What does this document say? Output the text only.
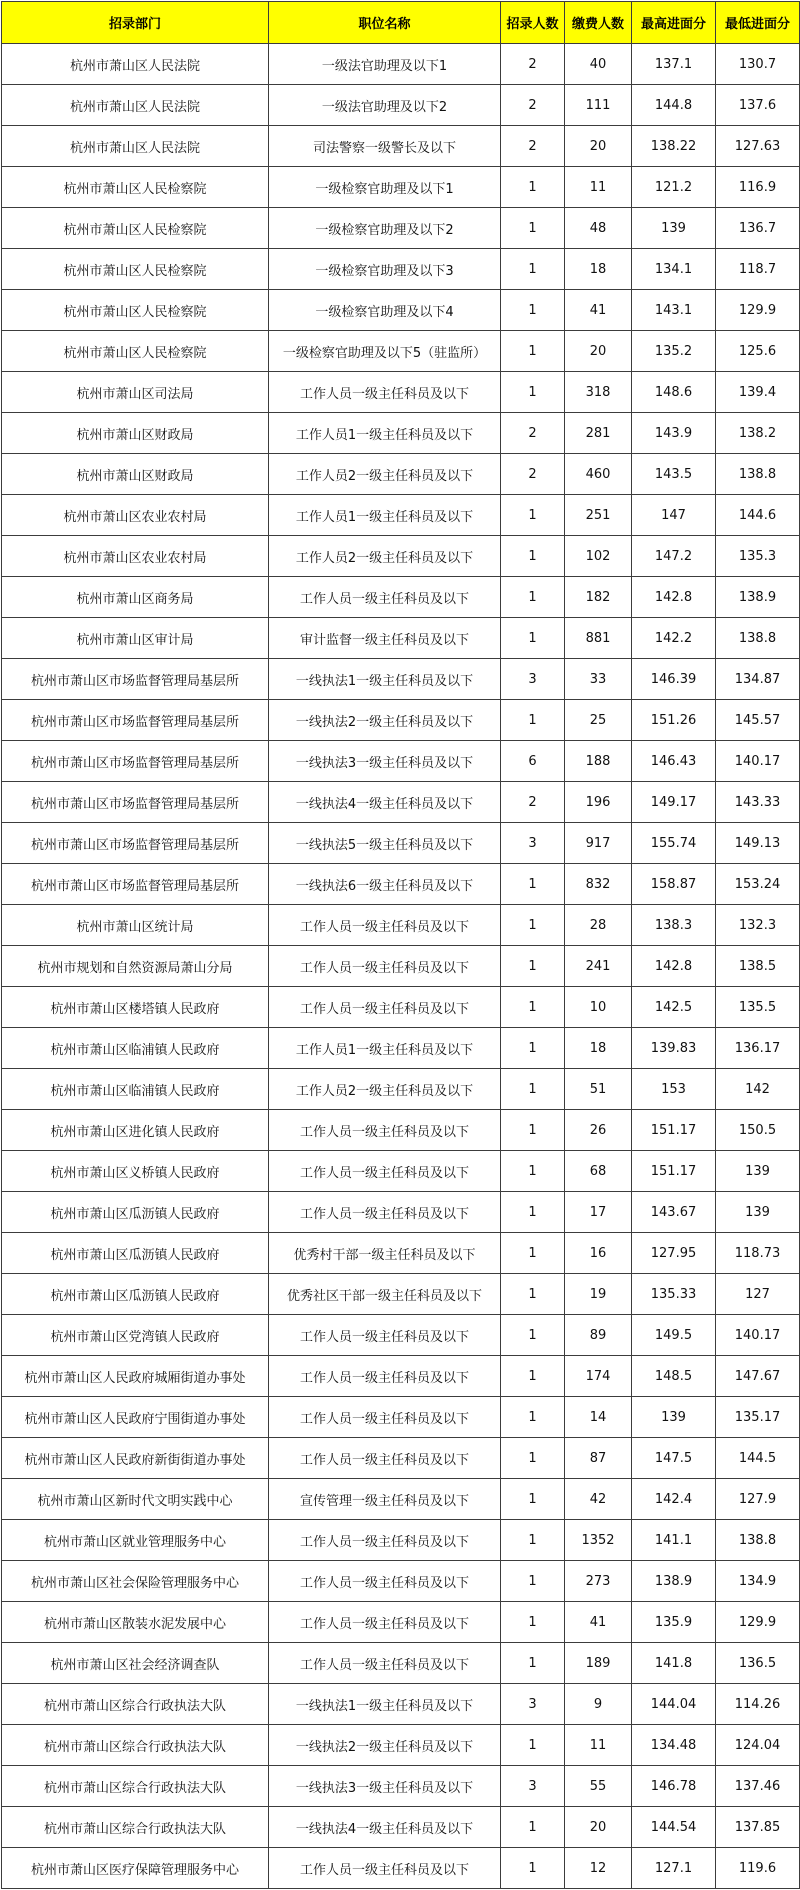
招录部门	职位名称	招录人数	缴费人数	最高进面分	最低进面分
杭州市萧山区人民法院	一级法官助理及以下1	2	40	137.1	130.7
杭州市萧山区人民法院	一级法官助理及以下2	2	111	144.8	137.6
杭州市萧山区人民法院	司法警察一级警长及以下	2	20	138.22	127.63
杭州市萧山区人民检察院	一级检察官助理及以下1	1	11	121.2	116.9
杭州市萧山区人民检察院	一级检察官助理及以下2	1	48	139	136.7
杭州市萧山区人民检察院	一级检察官助理及以下3	1	18	134.1	118.7
杭州市萧山区人民检察院	一级检察官助理及以下4	1	41	143.1	129.9
杭州市萧山区人民检察院	一级检察官助理及以下5（驻监所）	1	20	135.2	125.6
杭州市萧山区司法局	工作人员一级主任科员及以下	1	318	148.6	139.4
杭州市萧山区财政局	工作人员1一级主任科员及以下	2	281	143.9	138.2
杭州市萧山区财政局	工作人员2一级主任科员及以下	2	460	143.5	138.8
杭州市萧山区农业农村局	工作人员1一级主任科员及以下	1	251	147	144.6
杭州市萧山区农业农村局	工作人员2一级主任科员及以下	1	102	147.2	135.3
杭州市萧山区商务局	工作人员一级主任科员及以下	1	182	142.8	138.9
杭州市萧山区审计局	审计监督一级主任科员及以下	1	881	142.2	138.8
杭州市萧山区市场监督管理局基层所	一线执法1一级主任科员及以下	3	33	146.39	134.87
杭州市萧山区市场监督管理局基层所	一线执法2一级主任科员及以下	1	25	151.26	145.57
杭州市萧山区市场监督管理局基层所	一线执法3一级主任科员及以下	6	188	146.43	140.17
杭州市萧山区市场监督管理局基层所	一线执法4一级主任科员及以下	2	196	149.17	143.33
杭州市萧山区市场监督管理局基层所	一线执法5一级主任科员及以下	3	917	155.74	149.13
杭州市萧山区市场监督管理局基层所	一线执法6一级主任科员及以下	1	832	158.87	153.24
杭州市萧山区统计局	工作人员一级主任科员及以下	1	28	138.3	132.3
杭州市规划和自然资源局萧山分局	工作人员一级主任科员及以下	1	241	142.8	138.5
杭州市萧山区楼塔镇人民政府	工作人员一级主任科员及以下	1	10	142.5	135.5
杭州市萧山区临浦镇人民政府	工作人员1一级主任科员及以下	1	18	139.83	136.17
杭州市萧山区临浦镇人民政府	工作人员2一级主任科员及以下	1	51	153	142
杭州市萧山区进化镇人民政府	工作人员一级主任科员及以下	1	26	151.17	150.5
杭州市萧山区义桥镇人民政府	工作人员一级主任科员及以下	1	68	151.17	139
杭州市萧山区瓜沥镇人民政府	工作人员一级主任科员及以下	1	17	143.67	139
杭州市萧山区瓜沥镇人民政府	优秀村干部一级主任科员及以下	1	16	127.95	118.73
杭州市萧山区瓜沥镇人民政府	优秀社区干部一级主任科员及以下	1	19	135.33	127
杭州市萧山区党湾镇人民政府	工作人员一级主任科员及以下	1	89	149.5	140.17
杭州市萧山区人民政府城厢街道办事处	工作人员一级主任科员及以下	1	174	148.5	147.67
杭州市萧山区人民政府宁围街道办事处	工作人员一级主任科员及以下	1	14	139	135.17
杭州市萧山区人民政府新街街道办事处	工作人员一级主任科员及以下	1	87	147.5	144.5
杭州市萧山区新时代文明实践中心	宣传管理一级主任科员及以下	1	42	142.4	127.9
杭州市萧山区就业管理服务中心	工作人员一级主任科员及以下	1	1352	141.1	138.8
杭州市萧山区社会保险管理服务中心	工作人员一级主任科员及以下	1	273	138.9	134.9
杭州市萧山区散装水泥发展中心	工作人员一级主任科员及以下	1	41	135.9	129.9
杭州市萧山区社会经济调查队	工作人员一级主任科员及以下	1	189	141.8	136.5
杭州市萧山区综合行政执法大队	一线执法1一级主任科员及以下	3	9	144.04	114.26
杭州市萧山区综合行政执法大队	一线执法2一级主任科员及以下	1	11	134.48	124.04
杭州市萧山区综合行政执法大队	一线执法3一级主任科员及以下	3	55	146.78	137.46
杭州市萧山区综合行政执法大队	一线执法4一级主任科员及以下	1	20	144.54	137.85
杭州市萧山区医疗保障管理服务中心	工作人员一级主任科员及以下	1	12	127.1	119.6
